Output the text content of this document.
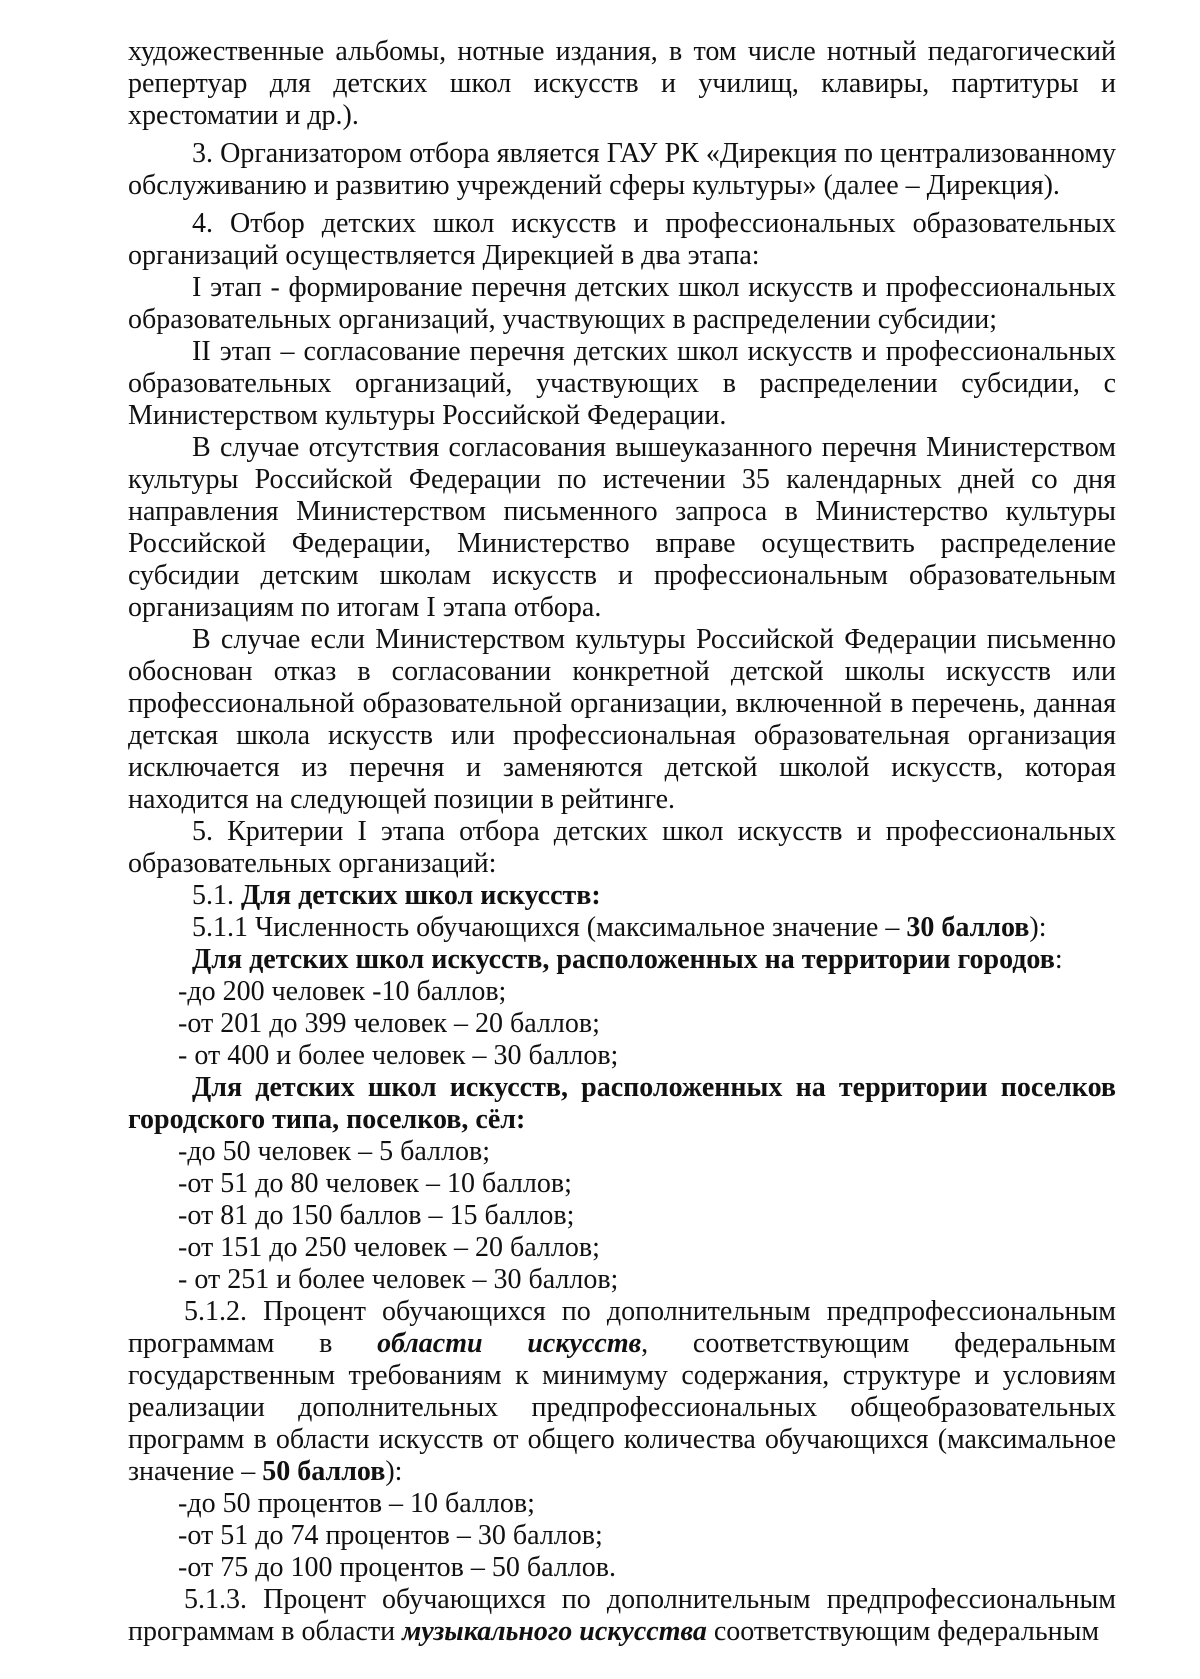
художественные альбомы, нотные издания, в том числе нотный педагогический репертуар для детских школ искусств и училищ, клавиры, партитуры и хрестоматии и др.).

3. Организатором отбора является ГАУ РК «Дирекция по централизованному обслуживанию и развитию учреждений сферы культуры» (далее – Дирекция).

4. Отбор детских школ искусств и профессиональных образовательных организаций осуществляется Дирекцией в два этапа:

I этап - формирование перечня детских школ искусств и профессиональных образовательных организаций, участвующих в распределении субсидии;

II этап – согласование перечня детских школ искусств и профессиональных образовательных организаций, участвующих в распределении субсидии, с Министерством культуры Российской Федерации.

В случае отсутствия согласования вышеуказанного перечня Министерством культуры Российской Федерации по истечении 35 календарных дней со дня направления Министерством письменного запроса в Министерство культуры Российской Федерации, Министерство вправе осуществить распределение субсидии детским школам искусств и профессиональным образовательным организациям по итогам I этапа отбора.

В случае если Министерством культуры Российской Федерации письменно обоснован отказ в согласовании конкретной детской школы искусств или профессиональной образовательной организации, включенной в перечень, данная детская школа искусств или профессиональная образовательная организация исключается из перечня и заменяются детской школой искусств, которая находится на следующей позиции в рейтинге.

5. Критерии I этапа отбора детских школ искусств и профессиональных образовательных организаций:

5.1. Для детских школ искусств:

5.1.1 Численность обучающихся (максимальное значение – 30 баллов):

Для детских школ искусств, расположенных на территории городов:

-до 200 человек -10 баллов;
-от 201 до 399 человек – 20 баллов;
- от 400 и более человек – 30 баллов;

Для детских школ искусств, расположенных на территории поселков городского типа, поселков, сёл:

-до 50 человек – 5 баллов;
-от 51 до 80 человек – 10 баллов;
-от 81 до 150 баллов – 15 баллов;
-от 151 до 250 человек – 20 баллов;
- от 251 и более человек – 30 баллов;

5.1.2. Процент обучающихся по дополнительным предпрофессиональным программам в области искусств, соответствующим федеральным государственным требованиям к минимуму содержания, структуре и условиям реализации дополнительных предпрофессиональных общеобразовательных программ в области искусств от общего количества обучающихся (максимальное значение – 50 баллов):

-до 50 процентов – 10 баллов;
-от 51 до 74 процентов – 30 баллов;
-от 75 до 100 процентов – 50 баллов.

5.1.3. Процент обучающихся по дополнительным предпрофессиональным программам в области музыкального искусства соответствующим федеральным
